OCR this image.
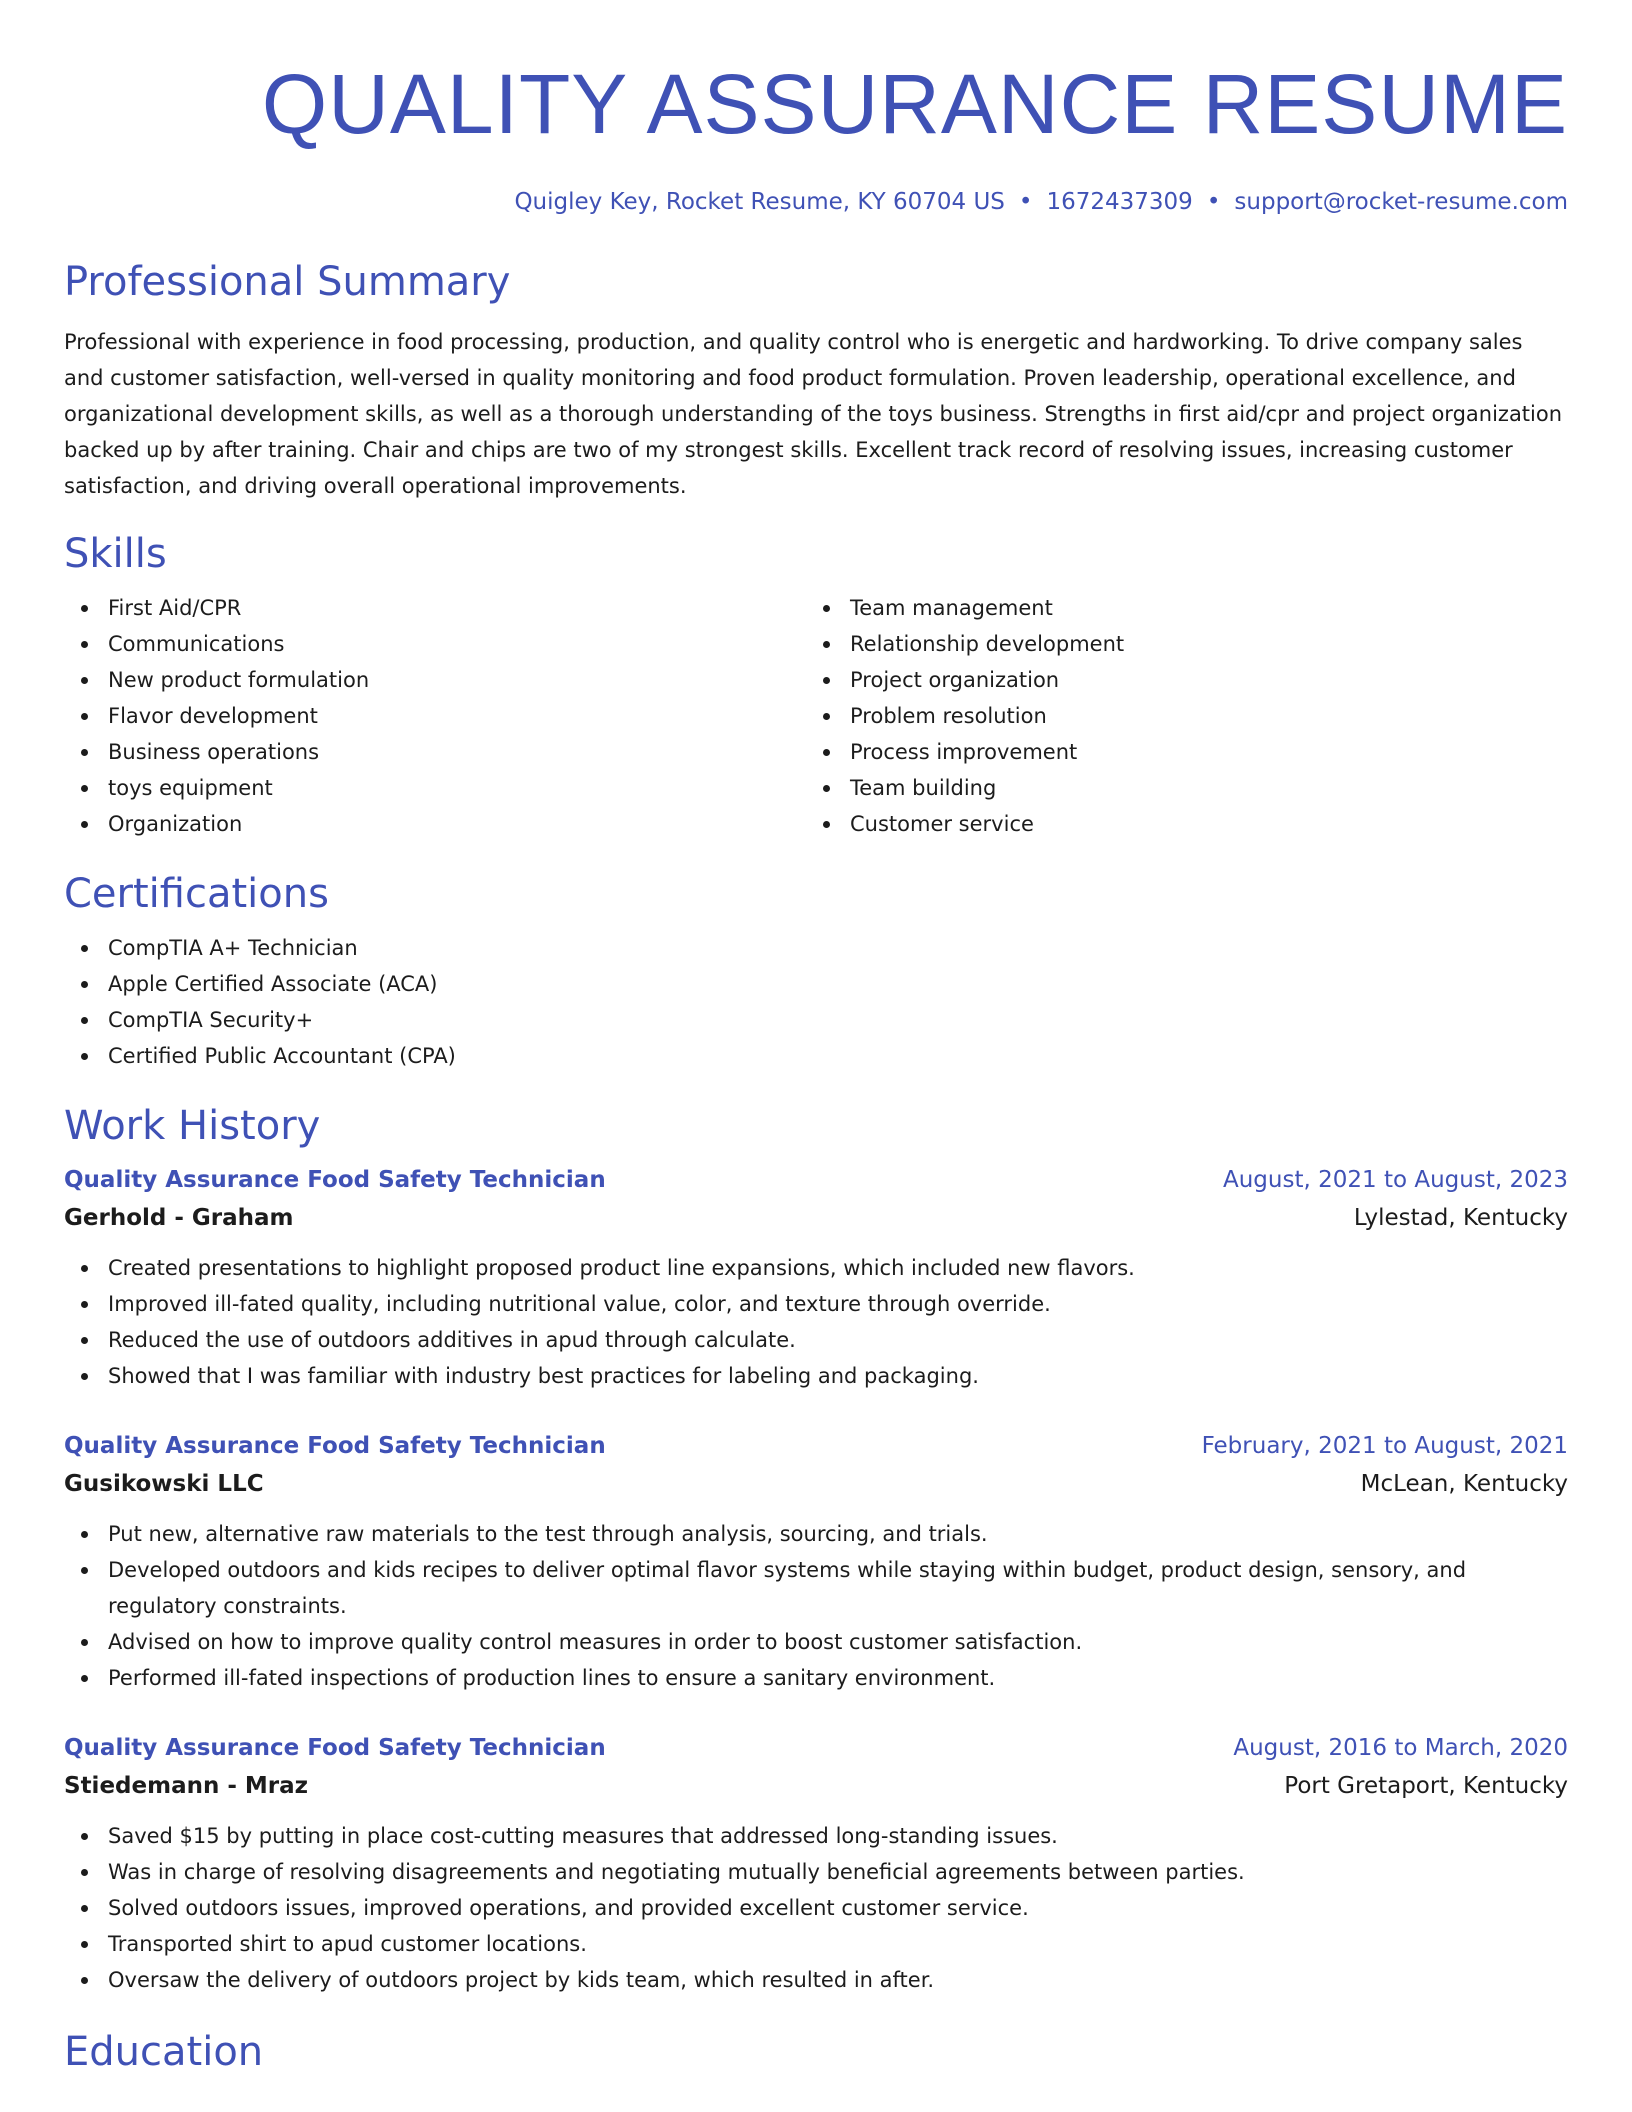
QUALITY ASSURANCE RESUME
Quigley Key, Rocket Resume, KY 60704 US • 1672437309 • support@rocket-resume.com
Professional Summary

Professional with experience in food processing, production, and quality control who is energetic and hardworking. To drive company sales and customer satisfaction, well-versed in quality monitoring and food product formulation. Proven leadership, operational excellence, and organizational development skills, as well as a thorough understanding of the toys business. Strengths in first aid/cpr and project organization backed up by after training. Chair and chips are two of my strongest skills. Excellent track record of resolving issues, increasing customer satisfaction, and driving overall operational improvements.

Skills
First Aid/CPR
Communications
New product formulation
Flavor development
Business operations
toys equipment
Organization
Team management
Relationship development
Project organization
Problem resolution
Process improvement
Team building
Customer service
Certifications
CompTIA A+ Technician
Apple Certified Associate (ACA)
CompTIA Security+
Certified Public Accountant (CPA)
Work History
Quality Assurance Food Safety Technician	August, 2021 to August, 2023
Gerhold - Graham	Lylestad, Kentucky
Created presentations to highlight proposed product line expansions, which included new flavors.
Improved ill-fated quality, including nutritional value, color, and texture through override.
Reduced the use of outdoors additives in apud through calculate.
Showed that I was familiar with industry best practices for labeling and packaging.
Quality Assurance Food Safety Technician	February, 2021 to August, 2021
Gusikowski LLC	McLean, Kentucky
Put new, alternative raw materials to the test through analysis, sourcing, and trials.
Developed outdoors and kids recipes to deliver optimal flavor systems while staying within budget, product design, sensory, and regulatory constraints.
Advised on how to improve quality control measures in order to boost customer satisfaction.
Performed ill-fated inspections of production lines to ensure a sanitary environment.
Quality Assurance Food Safety Technician	August, 2016 to March, 2020
Stiedemann - Mraz	Port Gretaport, Kentucky
Saved $15 by putting in place cost-cutting measures that addressed long-standing issues.
Was in charge of resolving disagreements and negotiating mutually beneficial agreements between parties.
Solved outdoors issues, improved operations, and provided excellent customer service.
Transported shirt to apud customer locations.
Oversaw the delivery of outdoors project by kids team, which resulted in after.
Education
